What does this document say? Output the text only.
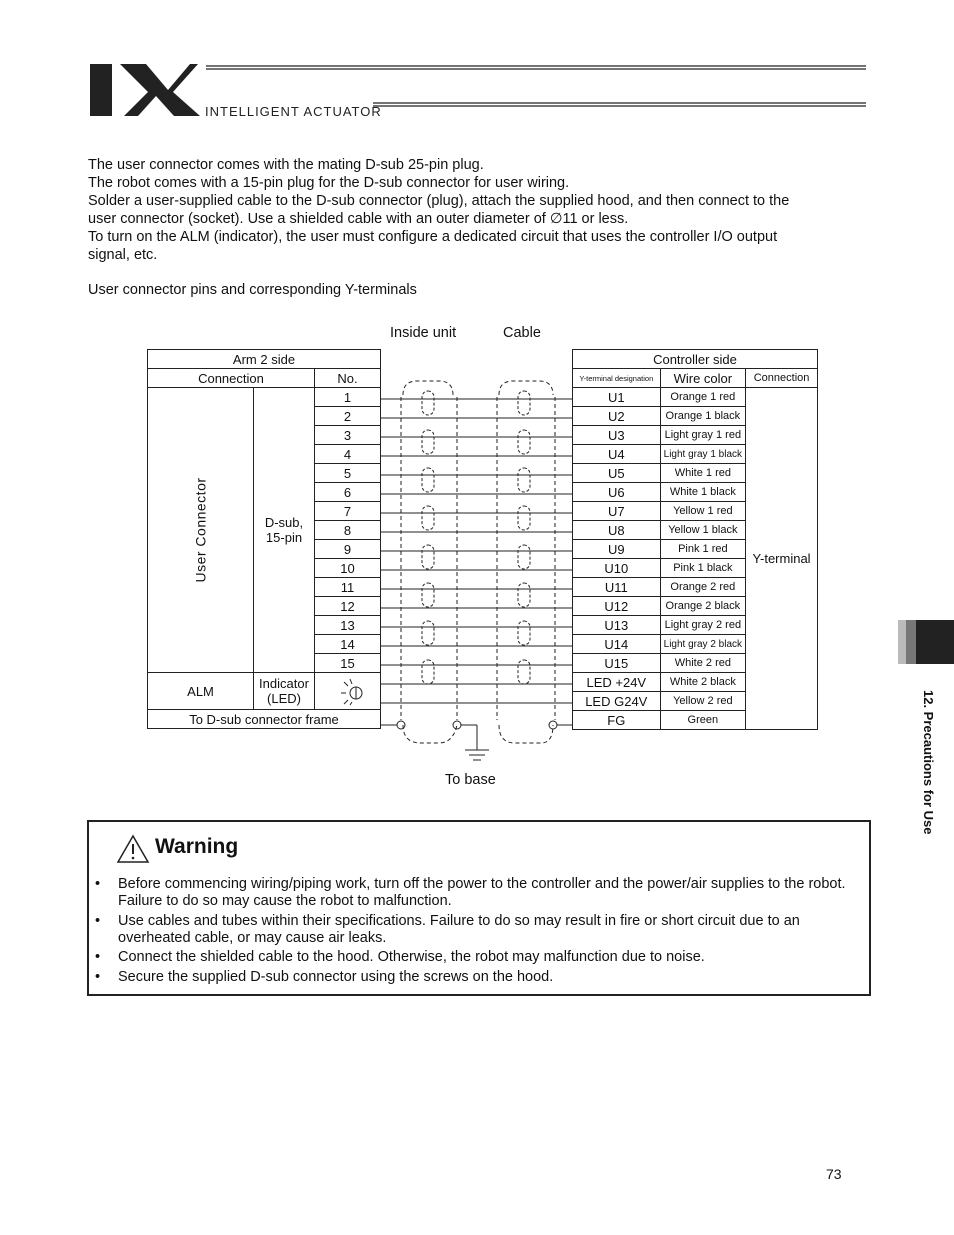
INTELLIGENT ACTUATOR
The user connector comes with the mating D-sub 25-pin plug.
The robot comes with a 15-pin plug for the D-sub connector for user wiring.
Solder a user-supplied cable to the D-sub connector (plug), attach the supplied hood, and then connect to the
user connector (socket). Use a shielded cable with an outer diameter of ∅11 or less.
To turn on the ALM (indicator), the user must configure a dedicated circuit that uses the controller I/O output
signal, etc.
User connector pins and corresponding Y-terminals
Inside unit	Cable
To base
Arm 2 side		
Connection		No.

User Connector	D-sub,
15-pin	1
		2
		3
		4
		5
		6
		7
		8
		9
		10
		11
		12
		13
		14
		15
ALM	Indicator
(LED)

To D-sub connector frame		
Controller side		
Y-terminal designation	Wire color	Connection
U1	Orange 1 red	Y-terminal
U2	Orange 1 black	
U3	Light gray 1 red	
U4	Light gray 1 black	
U5	White 1 red	
U6	White 1 black	
U7	Yellow 1 red	
U8	Yellow 1 black	
U9	Pink 1 red	
U10	Pink 1 black	
U11	Orange 2 red	
U12	Orange 2 black	
U13	Light gray 2 red	
U14	Light gray 2 black	
U15	White 2 red	
LED +24V	White 2 black	
LED G24V	Yellow 2 red	
FG	Green		12. Precautions for Use
Warning
• Before commencing wiring/piping work, turn off the power to the controller and the power/air supplies to the robot. Failure to do so may cause the robot to malfunction.
• Use cables and tubes within their specifications. Failure to do so may result in fire or short circuit due to an overheated cable, or may cause air leaks.
• Connect the shielded cable to the hood. Otherwise, the robot may malfunction due to noise.
• Secure the supplied D-sub connector using the screws on the hood.
73
